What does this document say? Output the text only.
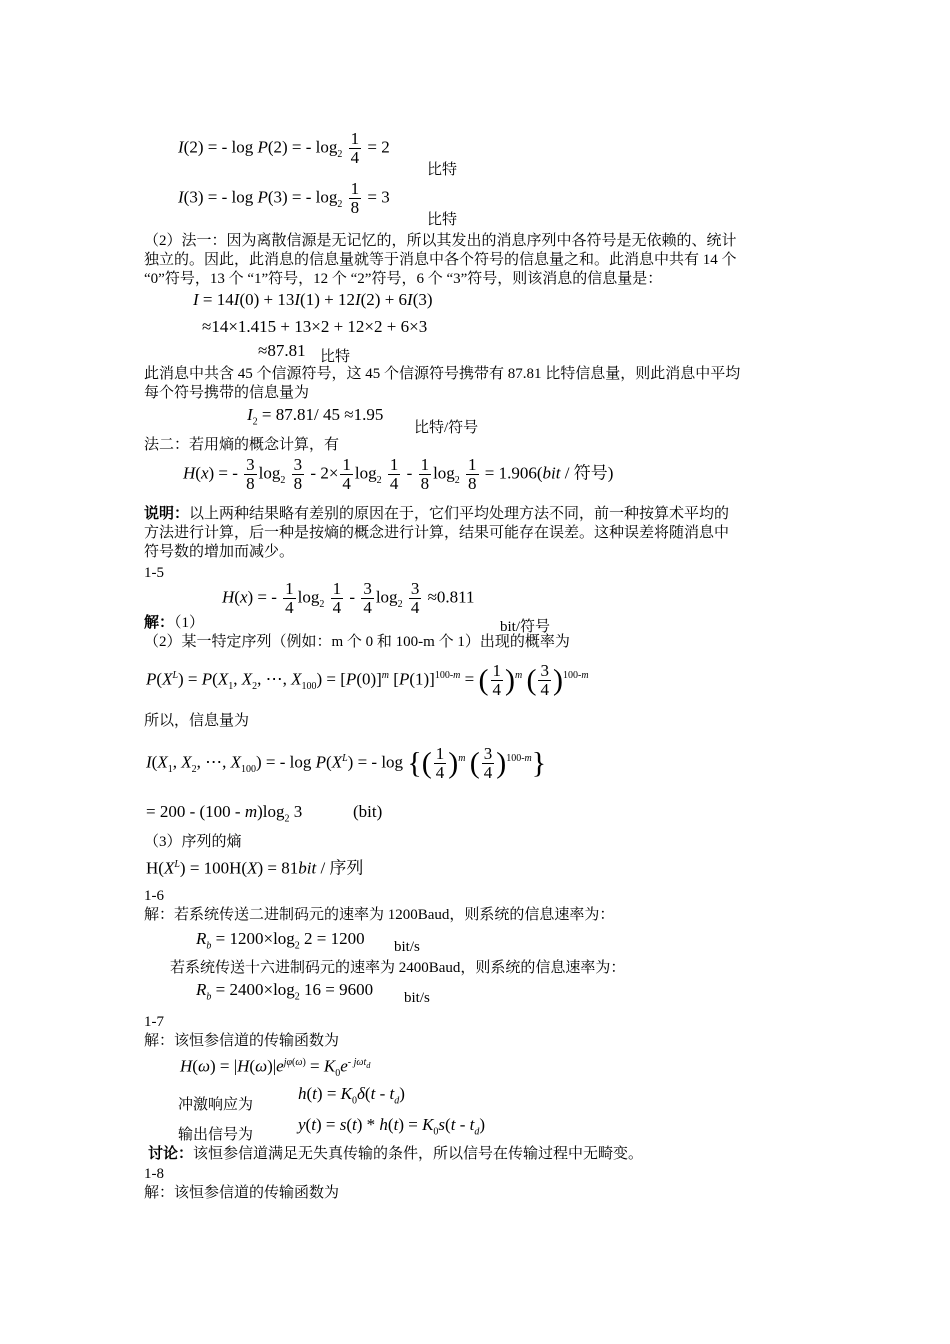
I(2) = - log P(2) = - $\log_2 \frac{1}{4} = 2$
比特
I(3) = - log P(3) = - $\log_2 \frac{1}{8} = 3$
比特
（2）法一：因为离散信源是无记忆的，所以其发出的消息序列中各符号是无依赖的、统计
独立的。因此，此消息的信息量就等于消息中各个符号的信息量之和。此消息中共有 14 个
“0”符号，13 个 “1”符号，12 个 “2”符号，6 个 “3”符号，则该消息的信息量是：
I = 14I(0) + 13I(1) + 12I(2) + 6I(3)
≈14×1.415 + 13×2 + 12×2 + 6×3
≈87.81 比特
此消息中共含 45 个信源符号，这 45 个信源符号携带有 87.81 比特信息量，则此消息中平均
每个符号携带的信息量为
$I_2 = 87.81/$ 45 ≈1.95
比特/符号
法二：若用熵的概念计算，有
H(x) = - $\frac{3}{8} \log_2 \frac{3}{8} - 2\times \frac{1}{4} \log_2 \frac{1}{4} - \frac{1}{8} \log_2 \frac{1}{8} = 1.906(bit$ / 符号)
说明：以上两种结果略有差别的原因在于，它们平均处理方法不同，前一种按算术平均的
方法进行计算，后一种是按熵的概念进行计算，结果可能存在误差。这种误差将随消息中
符号数的增加而减少。
1-5
H(x) = - $\frac{1}{4} \log_2 \frac{1}{4} - \frac{3}{4} \log_2 \frac{3}{4} \approx 0.811$
解：（1）	bit/符号
（2）某一特定序列（例如：m 个 0 和 100-m 个 1）出现的概率为
$P(X^L) = P(X_1$, $X_2$, ⋯, $X_{100}) = [P(0)]^m$ $[P(1)]^{100-m}$ = ( $\frac{1}{4} )^m$ ( $\frac{3}{4} )^{100-m}$
所以，信息量为
$I(X_1$, $X_2$, ⋯, $X_{100}$) = - $\log P(X^L)$ = - log {( $\frac{1}{4} )^m$ ( $\frac{3}{4} )^{100-m}$}
= $200 - (100 - m)\log_2$ 3	(bit)
（3）序列的熵
$H(X^L) = 100H(X) = 81bit$ / 序列
1-6
解：若系统传送二进制码元的速率为 1200Baud，则系统的信息速率为：
$R_b = 1200\times\log_2$ 2 = 1200 bit/s
若系统传送十六进制码元的速率为 2400Baud，则系统的信息速率为：
$R_b = 2400\times\log_2$ 16 = 9600 bit/s
1-7
解：该恒参信道的传输函数为
$H(\omega) = |H(\omega)|e^{j\varphi(\omega)} = K_0e^{- j\omega t_d}$
$h(t) = K_0\delta(t - t_d)$
冲激响应为
$y(t) = s(t) * h(t) = K_0s(t - t_d)$
输出信号为
讨论：该恒参信道满足无失真传输的条件，所以信号在传输过程中无畸变。
1-8
解：该恒参信道的传输函数为
